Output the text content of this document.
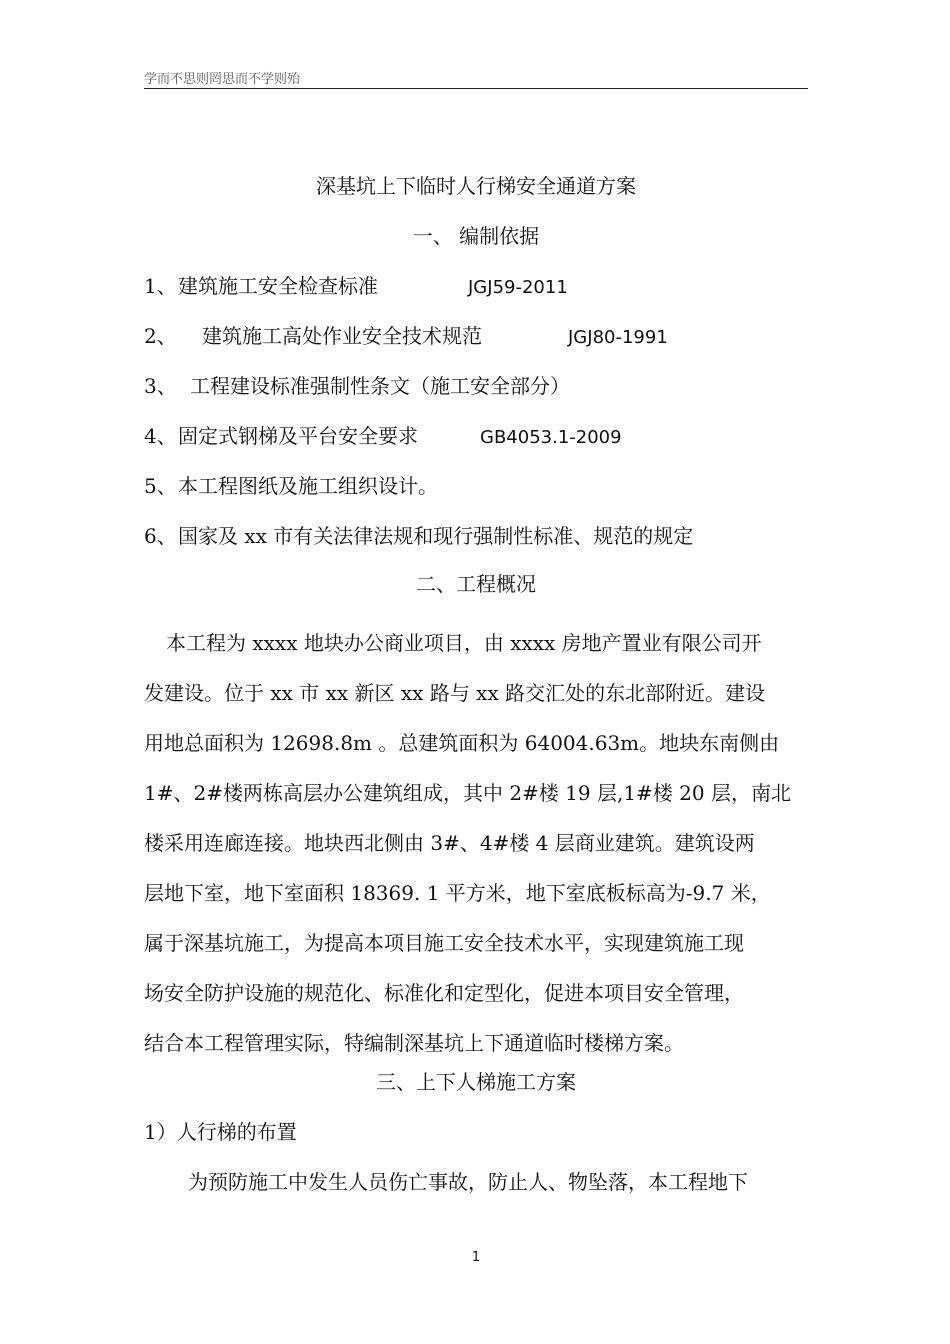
学而不思则罔思而不学则殆
深基坑上下临时人行梯安全通道方案
一、 编制依据
1、建筑施工安全检查标准	JGJ59-2011
2、 建筑施工高处作业安全技术规范	JGJ80-1991
3、 工程建设标准强制性条文（施工安全部分）
4、固定式钢梯及平台安全要求	GB4053.1-2009
5、本工程图纸及施工组织设计。
6、国家及 xx 市有关法律法规和现行强制性标准、规范的规定
二、工程概况
本工程为 xxxx 地块办公商业项目，由 xxxx 房地产置业有限公司开
发建设。位于 xx 市 xx 新区 xx 路与 xx 路交汇处的东北部附近。建设
用地总面积为 12698.8m 。总建筑面积为 64004.63m。地块东南侧由
1#、2#楼两栋高层办公建筑组成，其中 2#楼 19 层,1#楼 20 层，南北
楼采用连廊连接。地块西北侧由 3#、4#楼 4 层商业建筑。建筑设两
层地下室，地下室面积 18369. 1 平方米，地下室底板标高为-9.7 米，
属于深基坑施工，为提高本项目施工安全技术水平，实现建筑施工现
场安全防护设施的规范化、标准化和定型化，促进本项目安全管理，
结合本工程管理实际，特编制深基坑上下通道临时楼梯方案。
三、上下人梯施工方案
1）人行梯的布置
为预防施工中发生人员伤亡事故，防止人、物坠落，本工程地下
1
